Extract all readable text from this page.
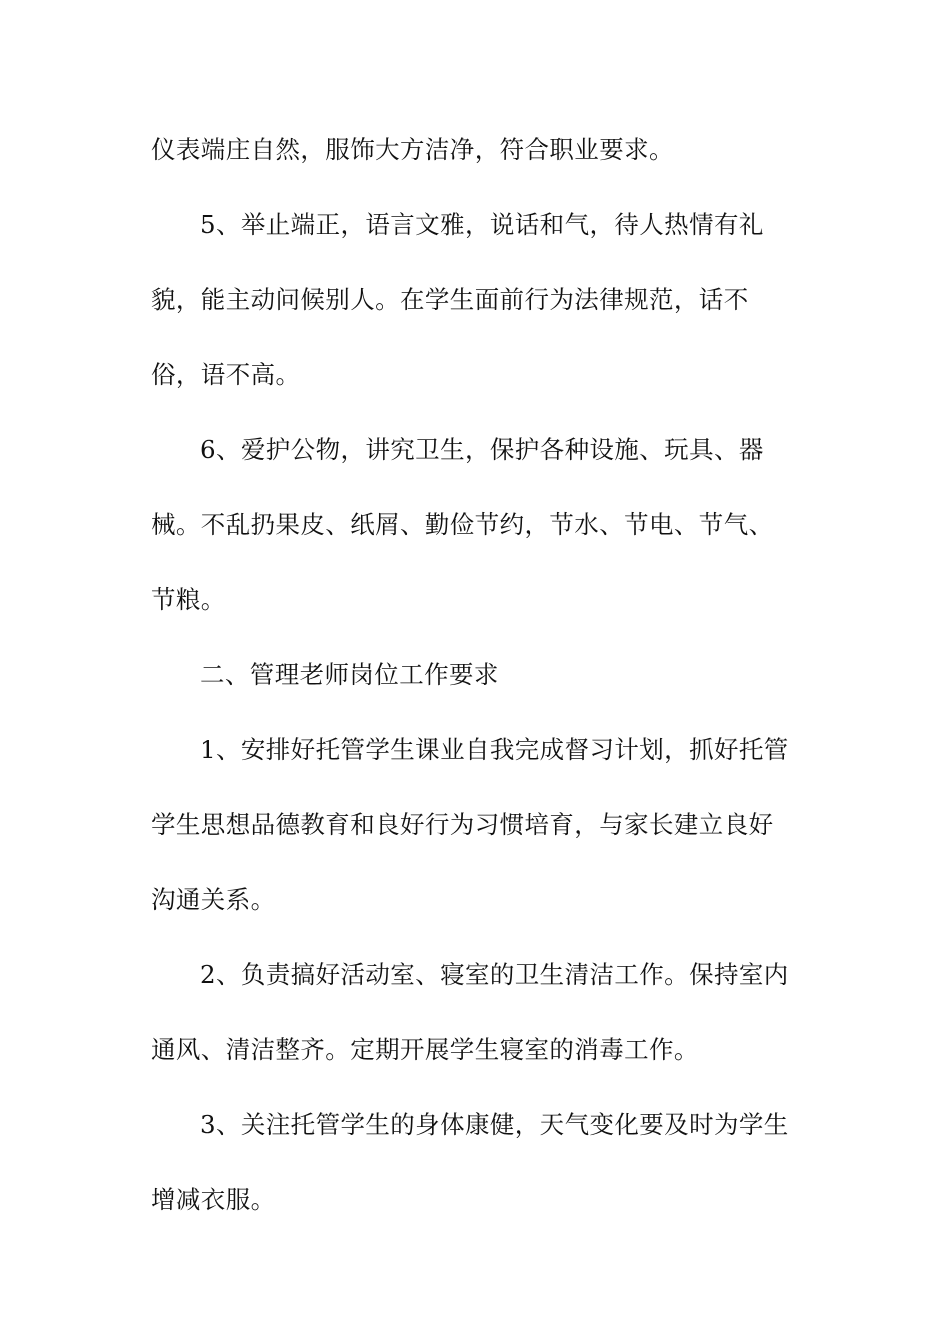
仪表端庄自然，服饰大方洁净，符合职业要求。
5、举止端正，语言文雅，说话和气，待人热情有礼
貌，能主动问候别人。在学生面前行为法律规范，话不
俗，语不高。
6、爱护公物，讲究卫生，保护各种设施、玩具、器
械。不乱扔果皮、纸屑、勤俭节约，节水、节电、节气、
节粮。
二、管理老师岗位工作要求
1、安排好托管学生课业自我完成督习计划，抓好托管
学生思想品德教育和良好行为习惯培育，与家长建立良好
沟通关系。
2、负责搞好活动室、寝室的卫生清洁工作。保持室内
通风、清洁整齐。定期开展学生寝室的消毒工作。
3、关注托管学生的身体康健，天气变化要及时为学生
增减衣服。
